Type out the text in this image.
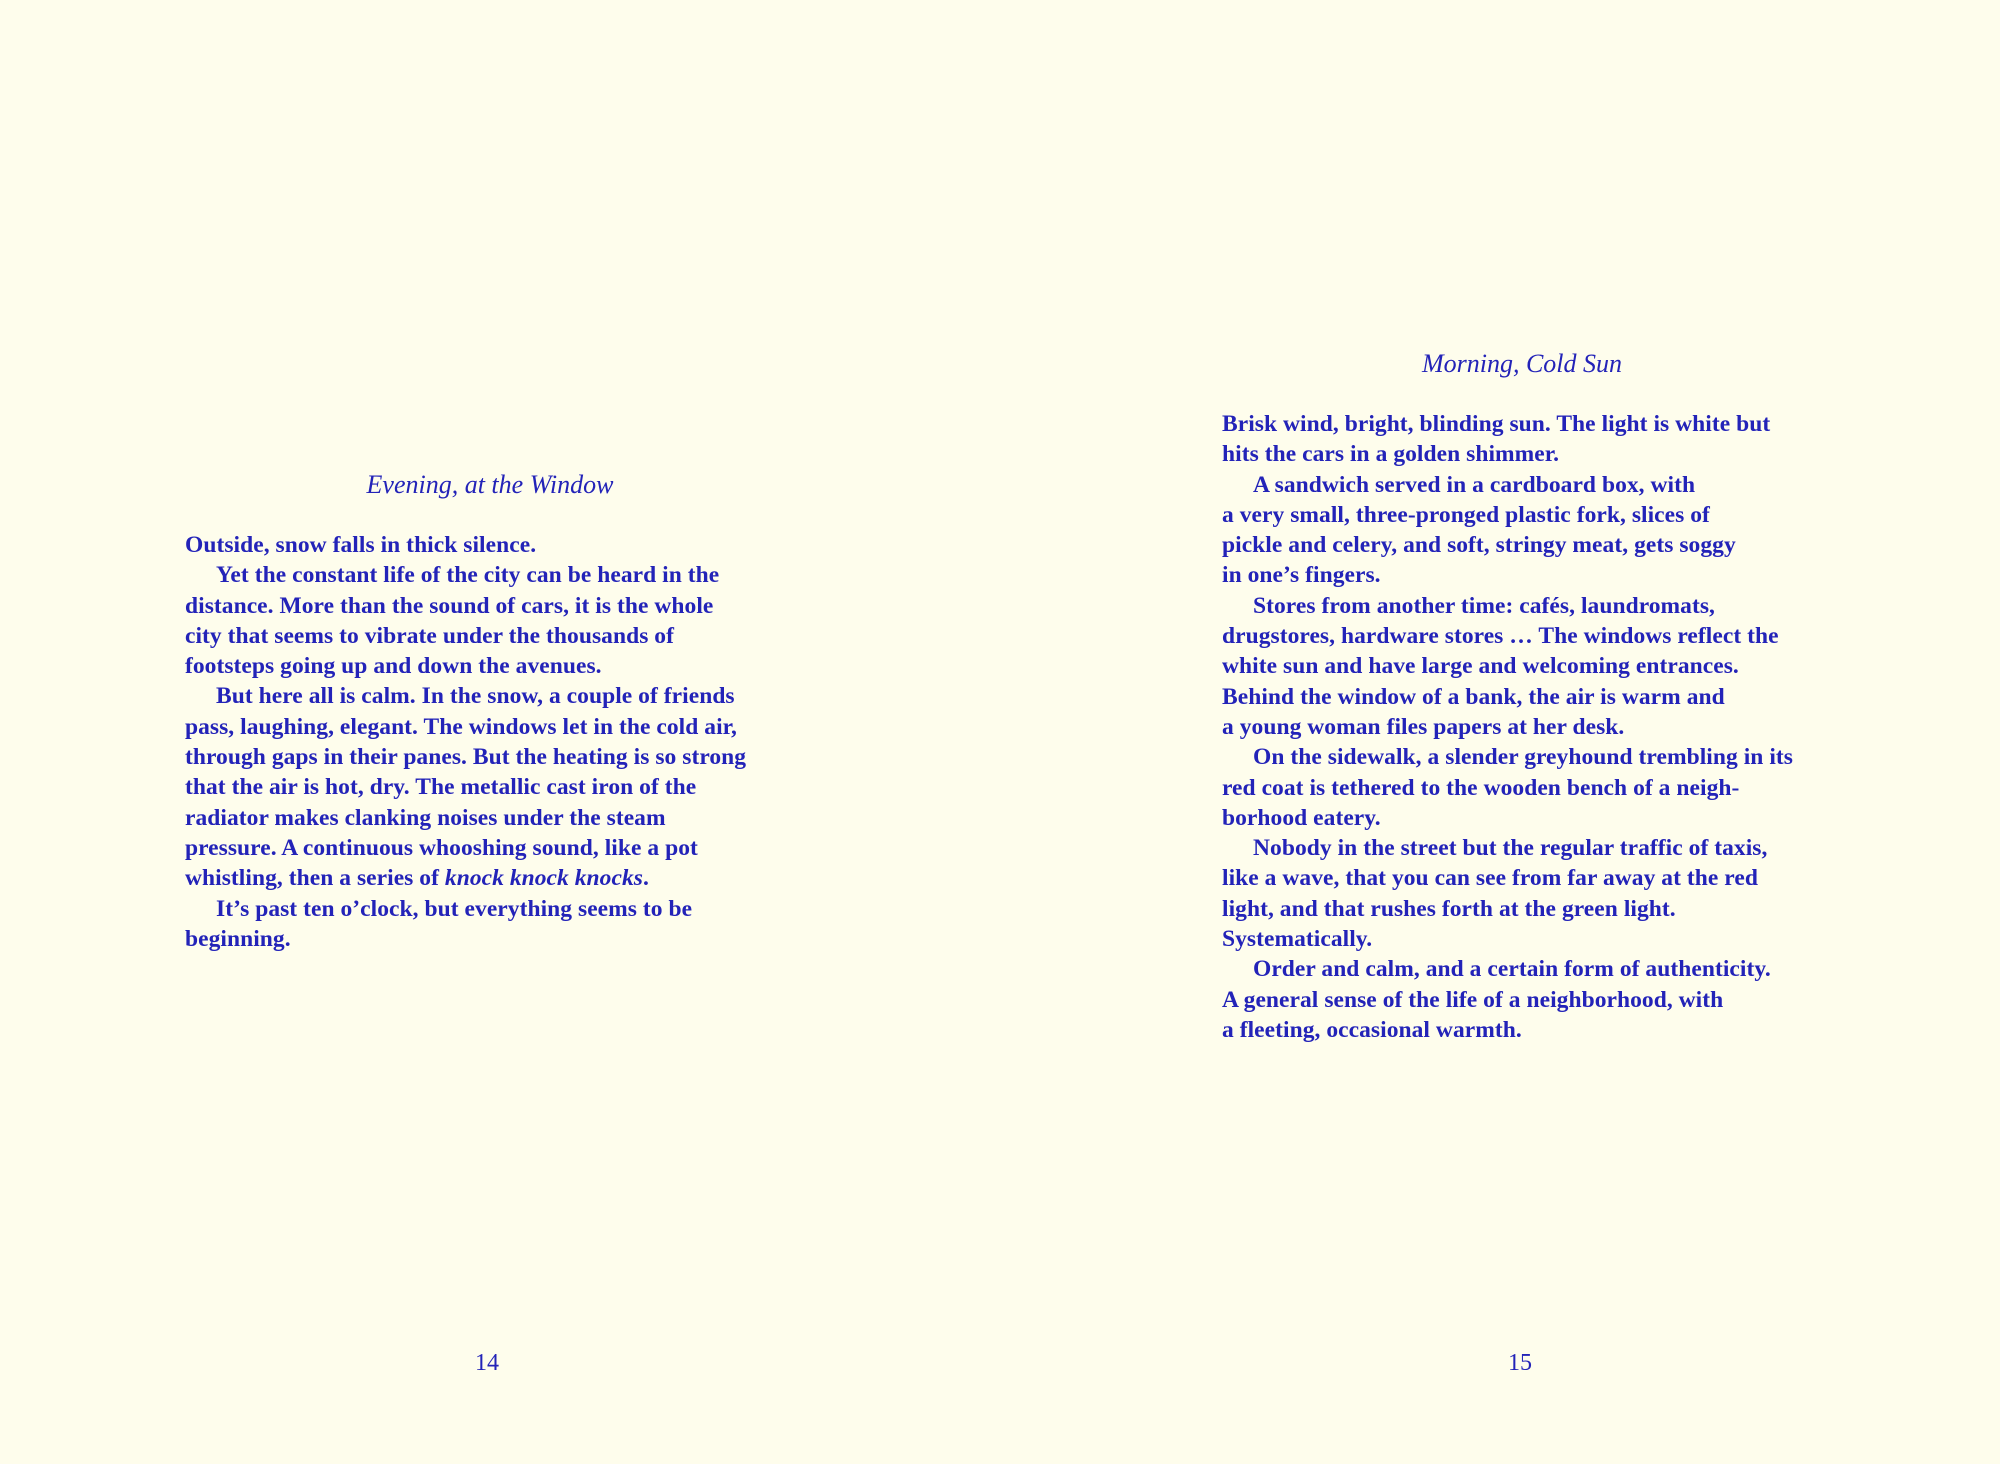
Evening, at the Window
Outside, snow falls in thick silence.
Yet the constant life of the city can be heard in the
distance. More than the sound of cars, it is the whole
city that seems to vibrate under the thousands of
footsteps going up and down the avenues.
But here all is calm. In the snow, a couple of friends
pass, laughing, elegant. The windows let in the cold air,
through gaps in their panes. But the heating is so strong
that the air is hot, dry. The metallic cast iron of the
radiator makes clanking noises under the steam
pressure. A continuous whooshing sound, like a pot
whistling, then a series of knock knock knocks.
It’s past ten o’clock, but everything seems to be
beginning.
14
Morning, Cold Sun
Brisk wind, bright, blinding sun. The light is white but
hits the cars in a golden shimmer.
A sandwich served in a cardboard box, with
a very small, three-pronged plastic fork, slices of
pickle and celery, and soft, stringy meat, gets soggy
in one’s fingers.
Stores from another time: cafés, laundromats,
drugstores, hardware stores … The windows reflect the
white sun and have large and welcoming entrances.
Behind the window of a bank, the air is warm and
a young woman files papers at her desk.
On the sidewalk, a slender greyhound trembling in its
red coat is tethered to the wooden bench of a neigh-
borhood eatery.
Nobody in the street but the regular traffic of taxis,
like a wave, that you can see from far away at the red
light, and that rushes forth at the green light.
Systematically.
Order and calm, and a certain form of authenticity.
A general sense of the life of a neighborhood, with
a fleeting, occasional warmth.
15
